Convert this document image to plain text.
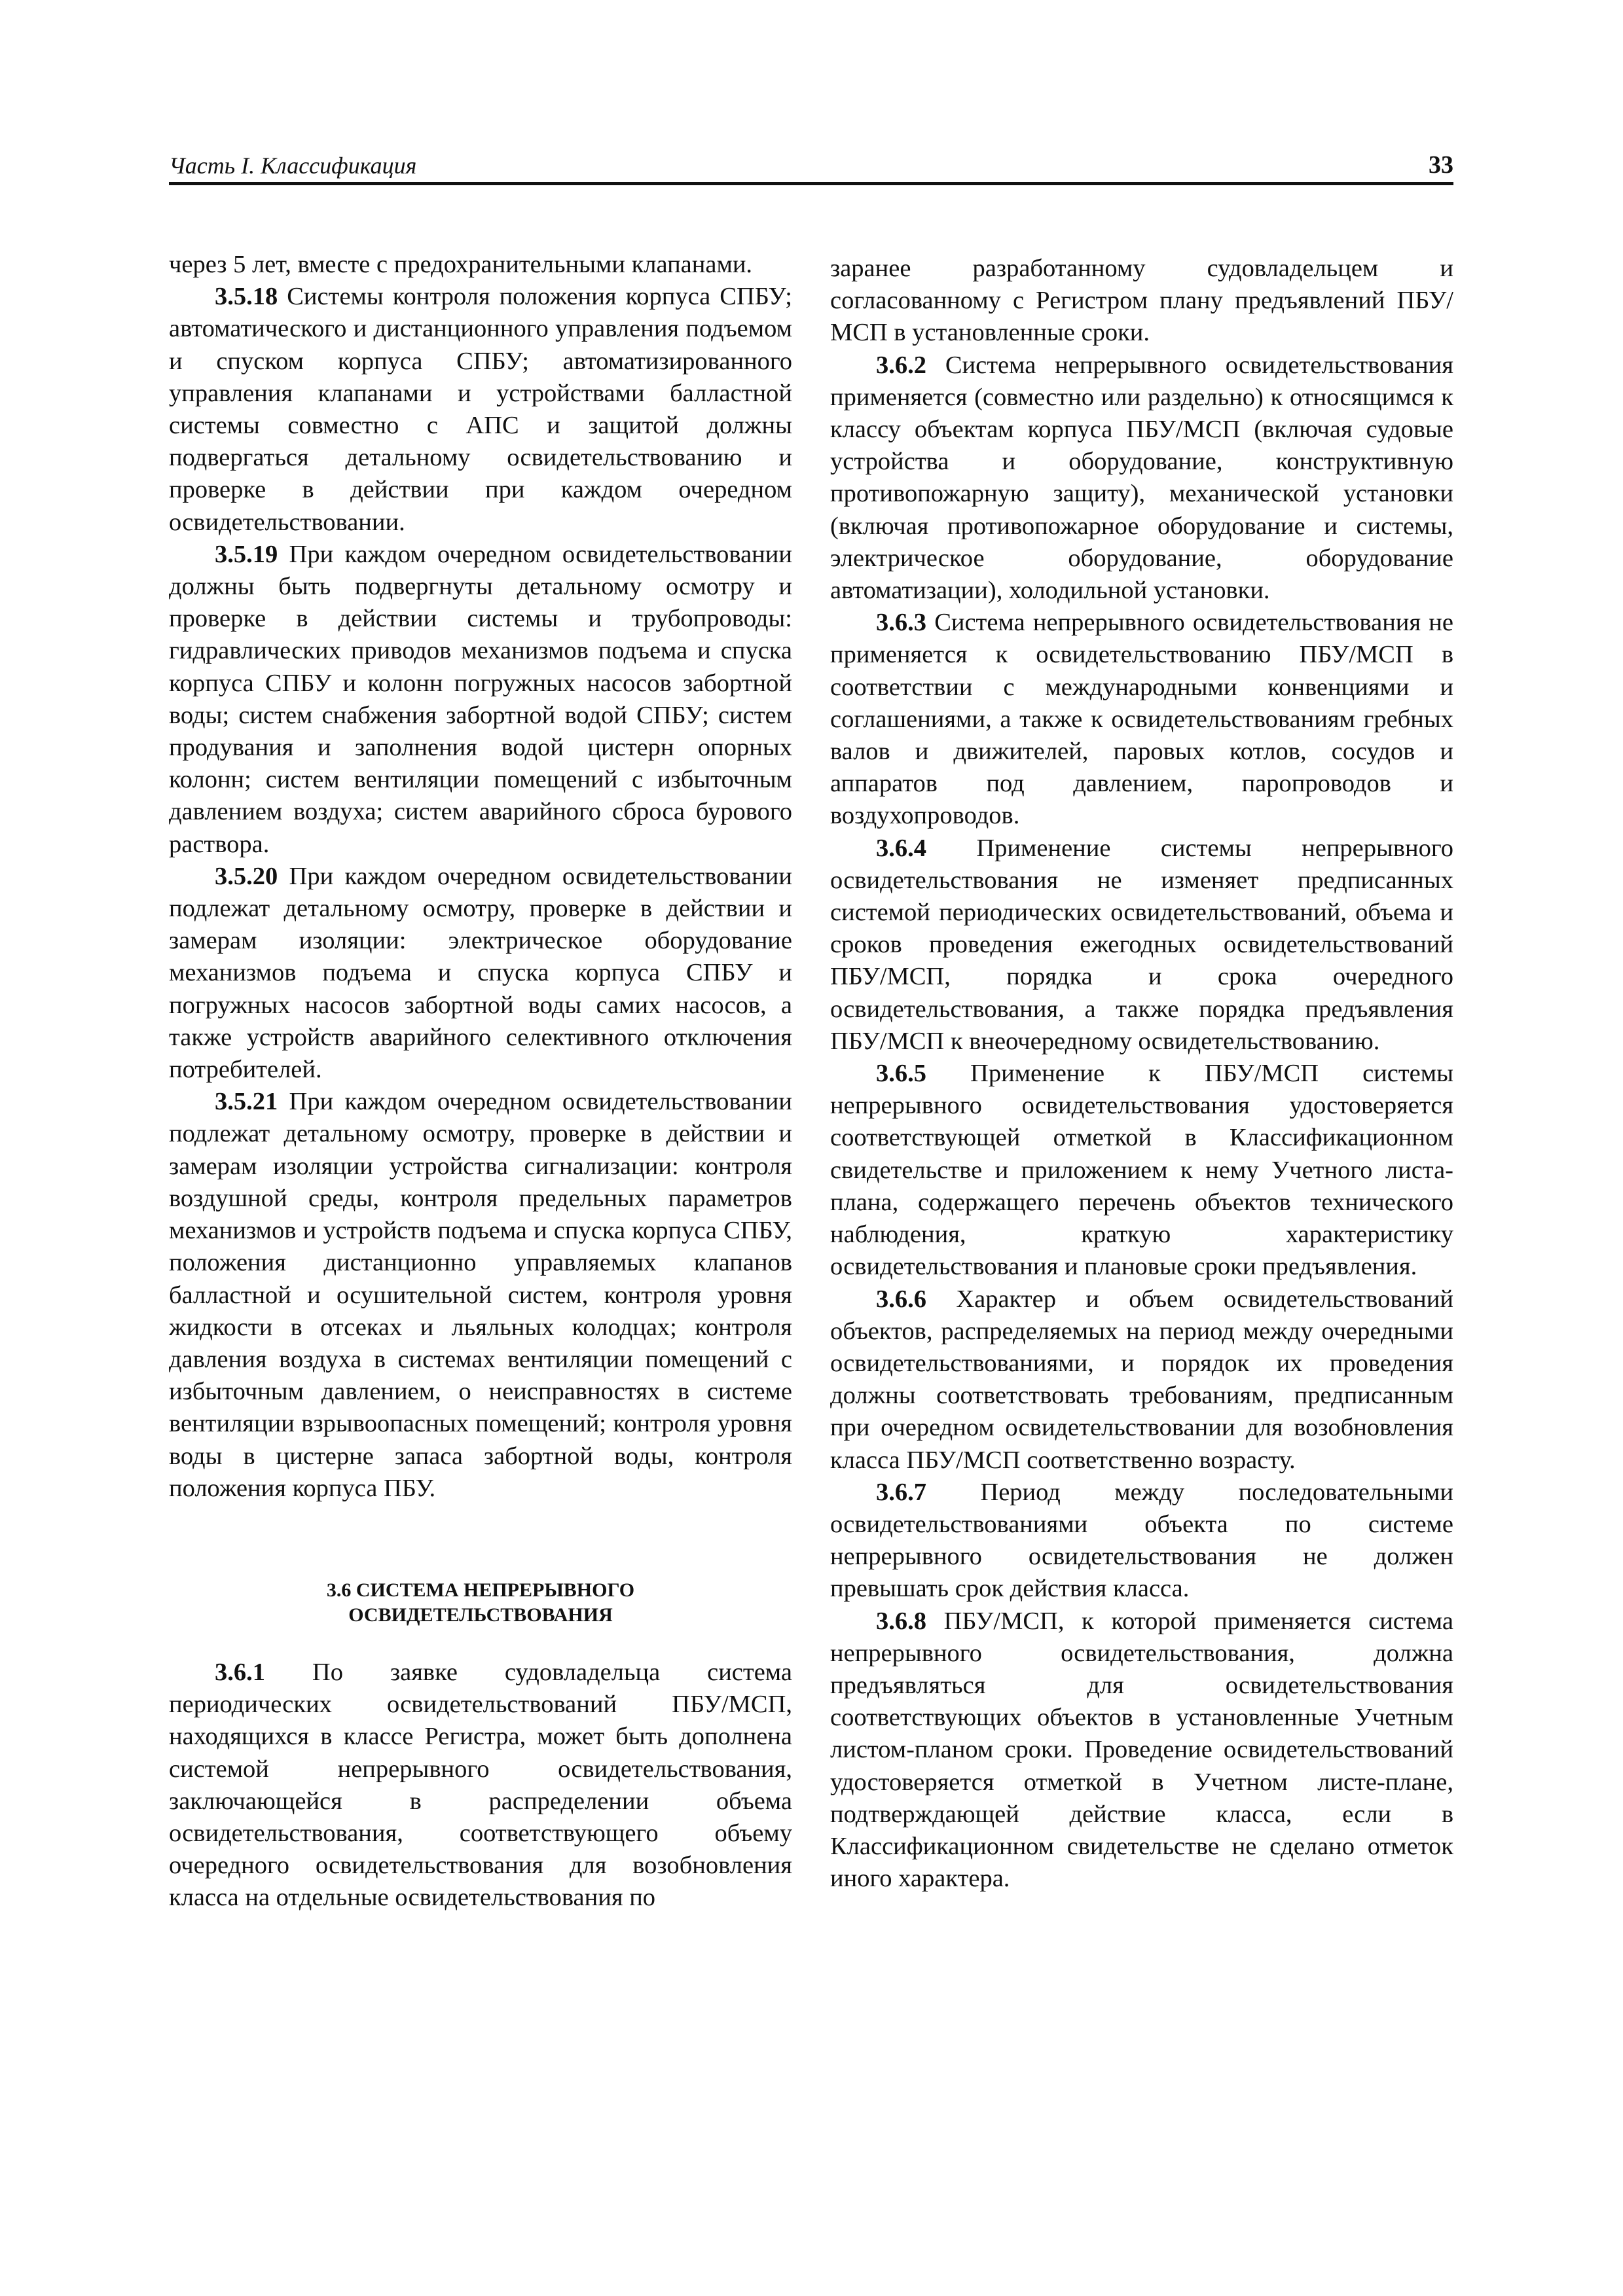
Часть I. Классификация	33

через 5 лет, вместе с предохранительными клапанами.

3.5.18 Системы контроля положения корпуса СПБУ; автоматического и дистанционного управления подъемом и спуском корпуса СПБУ; автоматизированного управления клапанами и устройствами балластной системы совместно с АПС и защитой должны подвергаться детальному освидетельствованию и проверке в действии при каждом очередном освидетельствовании.

3.5.19 При каждом очередном освидетельствовании должны быть подвергнуты детальному осмотру и проверке в действии системы и трубопроводы: гидравлических приводов механизмов подъема и спуска корпуса СПБУ и колонн погружных насосов забортной воды; систем снабжения забортной водой СПБУ; систем продувания и заполнения водой цистерн опорных колонн; систем вентиляции помещений с избыточным давлением воздуха; систем аварийного сброса бурового раствора.

3.5.20 При каждом очередном освидетельствовании подлежат детальному осмотру, проверке в действии и замерам изоляции: электрическое оборудование механизмов подъема и спуска корпуса СПБУ и погружных насосов забортной воды самих насосов, а также устройств аварийного селективного отключения потребителей.

3.5.21 При каждом очередном освидетельствовании подлежат детальному осмотру, проверке в действии и замерам изоляции устройства сигнализации: контроля воздушной среды, контроля предельных параметров механизмов и устройств подъема и спуска корпуса СПБУ, положения дистанционно управляемых клапанов балластной и осушительной систем, контроля уровня жидкости в отсеках и льяльных колодцах; контроля давления воздуха в системах вентиляции помещений с избыточным давлением, о неисправностях в системе вентиляции взрывоопасных помещений; контроля уровня воды в цистерне запаса забортной воды, контроля положения корпуса ПБУ.

3.6 СИСТЕМА НЕПРЕРЫВНОГО
ОСВИДЕТЕЛЬСТВОВАНИЯ

3.6.1 По заявке судовладельца система периодических освидетельствований ПБУ/МСП, находящихся в классе Регистра, может быть дополнена системой непрерывного освидетельствования, заключающейся в распределении объема освидетельствования, соответствующего объему очередного освидетельствования для возобновления класса на отдельные освидетельствования по

заранее разработанному судовладельцем и согласованному с Регистром плану предъявлений ПБУ/МСП в установленные сроки.

3.6.2 Система непрерывного освидетельствования применяется (совместно или раздельно) к относящимся к классу объектам корпуса ПБУ/МСП (включая судовые устройства и оборудование, конструктивную противопожарную защиту), механической установки (включая противопожарное оборудование и системы, электрическое оборудование, оборудование автоматизации), холодильной установки.

3.6.3 Система непрерывного освидетельствования не применяется к освидетельствованию ПБУ/МСП в соответствии с международными конвенциями и соглашениями, а также к освидетельствованиям гребных валов и движителей, паровых котлов, сосудов и аппаратов под давлением, паропроводов и воздухопроводов.

3.6.4 Применение системы непрерывного освидетельствования не изменяет предписанных системой периодических освидетельствований, объема и сроков проведения ежегодных освидетельствований ПБУ/МСП, порядка и срока очередного освидетельствования, а также порядка предъявления ПБУ/МСП к внеочередному освидетельствованию.

3.6.5 Применение к ПБУ/МСП системы непрерывного освидетельствования удостоверяется соответствующей отметкой в Классификационном свидетельстве и приложением к нему Учетного листа-плана, содержащего перечень объектов технического наблюдения, краткую характеристику освидетельствования и плановые сроки предъявления.

3.6.6 Характер и объем освидетельствований объектов, распределяемых на период между очередными освидетельствованиями, и порядок их проведения должны соответствовать требованиям, предписанным при очередном освидетельствовании для возобновления класса ПБУ/МСП соответственно возрасту.

3.6.7 Период между последовательными освидетельствованиями объекта по системе непрерывного освидетельствования не должен превышать срок действия класса.

3.6.8 ПБУ/МСП, к которой применяется система непрерывного освидетельствования, должна предъявляться для освидетельствования соответствующих объектов в установленные Учетным листом-планом сроки. Проведение освидетельствований удостоверяется отметкой в Учетном листе-плане, подтверждающей действие класса, если в Классификационном свидетельстве не сделано отметок иного характера.
